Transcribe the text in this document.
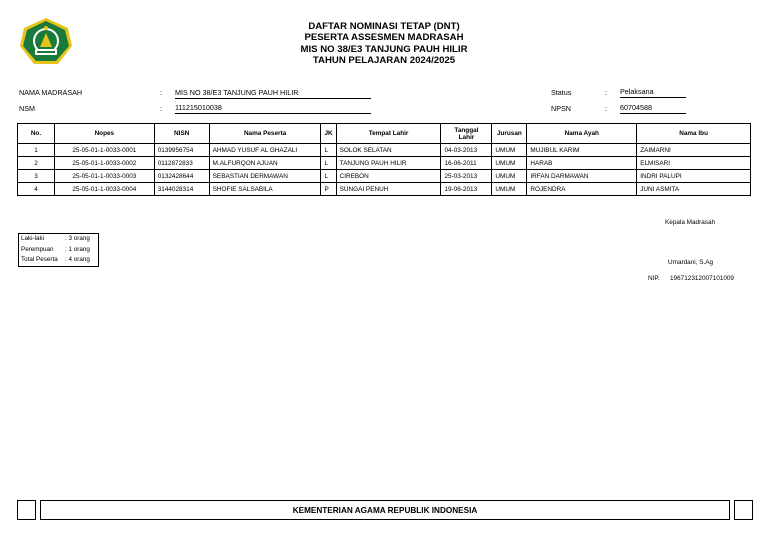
DAFTAR NOMINASI TETAP (DNT)
PESERTA ASSESMEN MADRASAH
MIS NO 38/E3 TANJUNG PAUH HILIR
TAHUN PELAJARAN 2024/2025
NAMA MADRASAH	: MIS NO 38/E3 TANJUNG PAUH HILIR
NSM	: 111215010038
Status	: Pelaksana
NPSN	: 60704588
No.	Nopes	NISN	Nama Peserta	JK	Tempat Lahir	Tanggal Lahir	Jurusan	Nama Ayah	Nama Ibu
1	25-05-01-1-0033-0001	0139956754	AHMAD YUSUF AL GHAZALI	L	SOLOK SELATAN	04-03-2013	UMUM	MUJIBUL KARIM	ZAIMARNI
2	25-05-01-1-0033-0002	0112872833	M.ALFURQON AJUAN	L	TANJUNG PAUH HILIR	16-06-2011	UMUM	HARAB	ELMISARI
3	25-05-01-1-0033-0003	0132428644	SEBASTIAN DERMAWAN	L	CIREBON	25-03-2013	UMUM	IRFAN DARMAWAN	INDRI PALUPI
4	25-05-01-1-0033-0004	3144028314	SHOFIE SALSABILA	P	SUNGAI PENUH	19-06-2013	UMUM	ROJENDRA	JUNI ASMITA
Laki-laki	: 3 orang
Perempuan	: 1 orang
Total Peserta	: 4 orang
Kepala Madrasah
Umardani, S.Ag
NIP. 196712312007101009
KEMENTERIAN AGAMA REPUBLIK INDONESIA
